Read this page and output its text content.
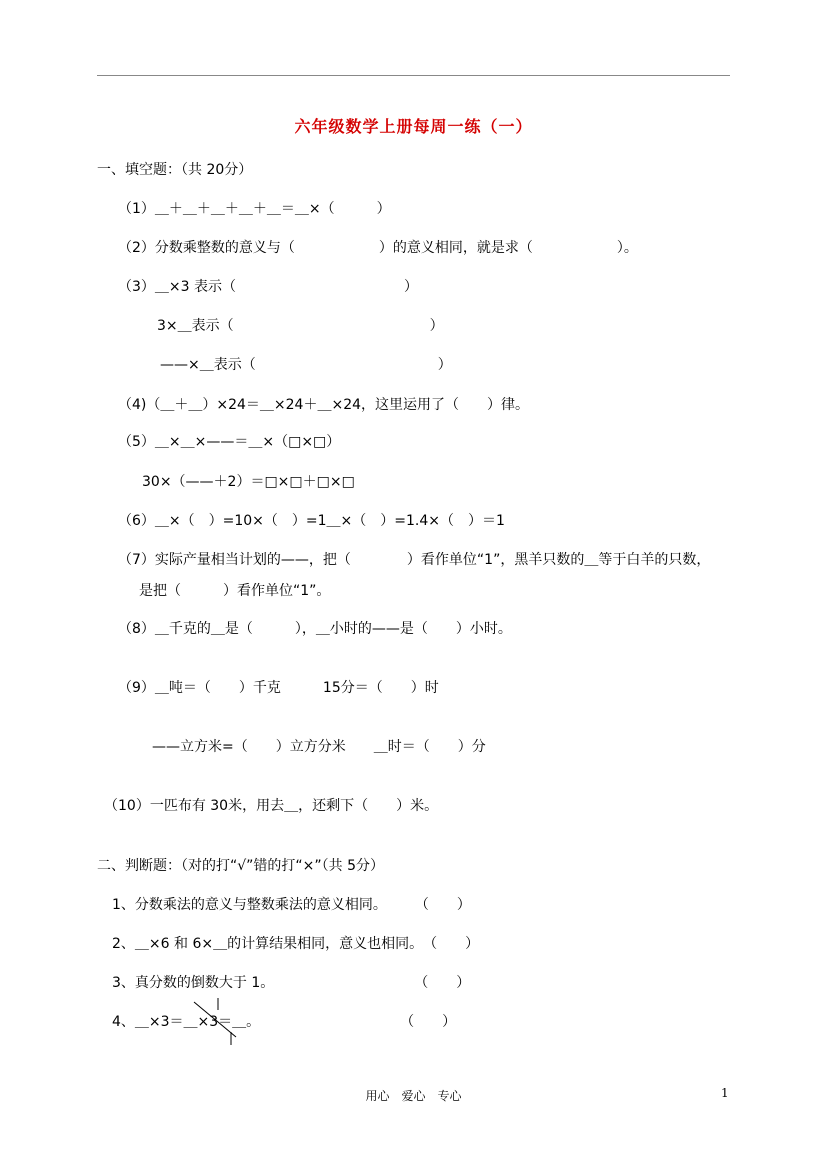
六年级数学上册每周一练（一）
一、填空题：（共 20分）
（1）＿＋＿＋＿＋＿＋＿＝＿×（　　　）
（2）分数乘整数的意义与（　　　　　　）的意义相同，就是求（　　　　　　）。
（3）＿×3 表示（　　　　　　　　　　　　）
3×＿表示（　　　　　　　　　　　　　　）
——×＿表示（　　　　　　　　　　　　　）
（4)（＿＋＿）×24＝＿×24＋＿×24，这里运用了（　　）律。
（5）＿×＿×——＝＿×（□×□）
30×（——＋2）＝□×□＋□×□
（6）＿×（　）=10×（　）=1＿×（　）=1.4×（　）＝1
（7）实际产量相当计划的——，把（　　　　）看作单位“1”，黑羊只数的＿等于白羊的只数，
是把（　　　）看作单位“1”。
（8）＿千克的＿是（　　　），＿小时的——是（　　）小时。
（9）＿吨＝（　　）千克　　　15分＝（　　）时
——立方米=（　　）立方分米　　＿时＝（　　）分
（10）一匹布有 30米，用去＿，还剩下（　　）米。
二、判断题：（对的打“√”错的打“×”（共 5分）
1、分数乘法的意义与整数乘法的意义相同。　　　（　　）
2、＿×6 和 6×＿的计算结果相同，意义也相同。　（　　）
3、真分数的倒数大于 1。　　　　　　　　　　　（　　）
4、＿×3＝＿×3＝＿。　　　　　　　　　　　（　　）
用心　爱心　专心	1
